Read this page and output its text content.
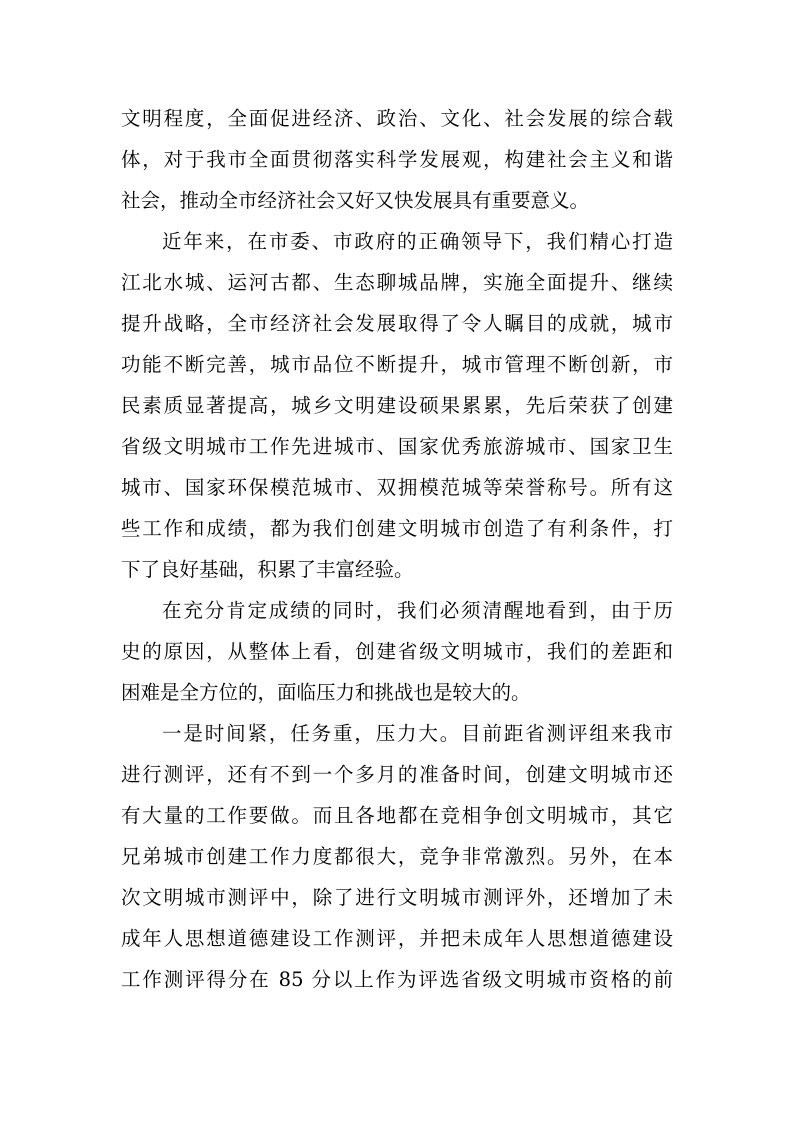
文明程度，全面促进经济、政治、文化、社会发展的综合载
体，对于我市全面贯彻落实科学发展观，构建社会主义和谐
社会，推动全市经济社会又好又快发展具有重要意义。
近年来，在市委、市政府的正确领导下，我们精心打造
江北水城、运河古都、生态聊城品牌，实施全面提升、继续
提升战略，全市经济社会发展取得了令人瞩目的成就，城市
功能不断完善，城市品位不断提升，城市管理不断创新，市
民素质显著提高，城乡文明建设硕果累累，先后荣获了创建
省级文明城市工作先进城市、国家优秀旅游城市、国家卫生
城市、国家环保模范城市、双拥模范城等荣誉称号。所有这
些工作和成绩，都为我们创建文明城市创造了有利条件，打
下了良好基础，积累了丰富经验。
在充分肯定成绩的同时，我们必须清醒地看到，由于历
史的原因，从整体上看，创建省级文明城市，我们的差距和
困难是全方位的，面临压力和挑战也是较大的。
一是时间紧，任务重，压力大。目前距省测评组来我市
进行测评，还有不到一个多月的准备时间，创建文明城市还
有大量的工作要做。而且各地都在竞相争创文明城市，其它
兄弟城市创建工作力度都很大，竞争非常激烈。另外，在本
次文明城市测评中，除了进行文明城市测评外，还增加了未
成年人思想道德建设工作测评，并把未成年人思想道德建设
工作测评得分在 85 分以上作为评选省级文明城市资格的前
